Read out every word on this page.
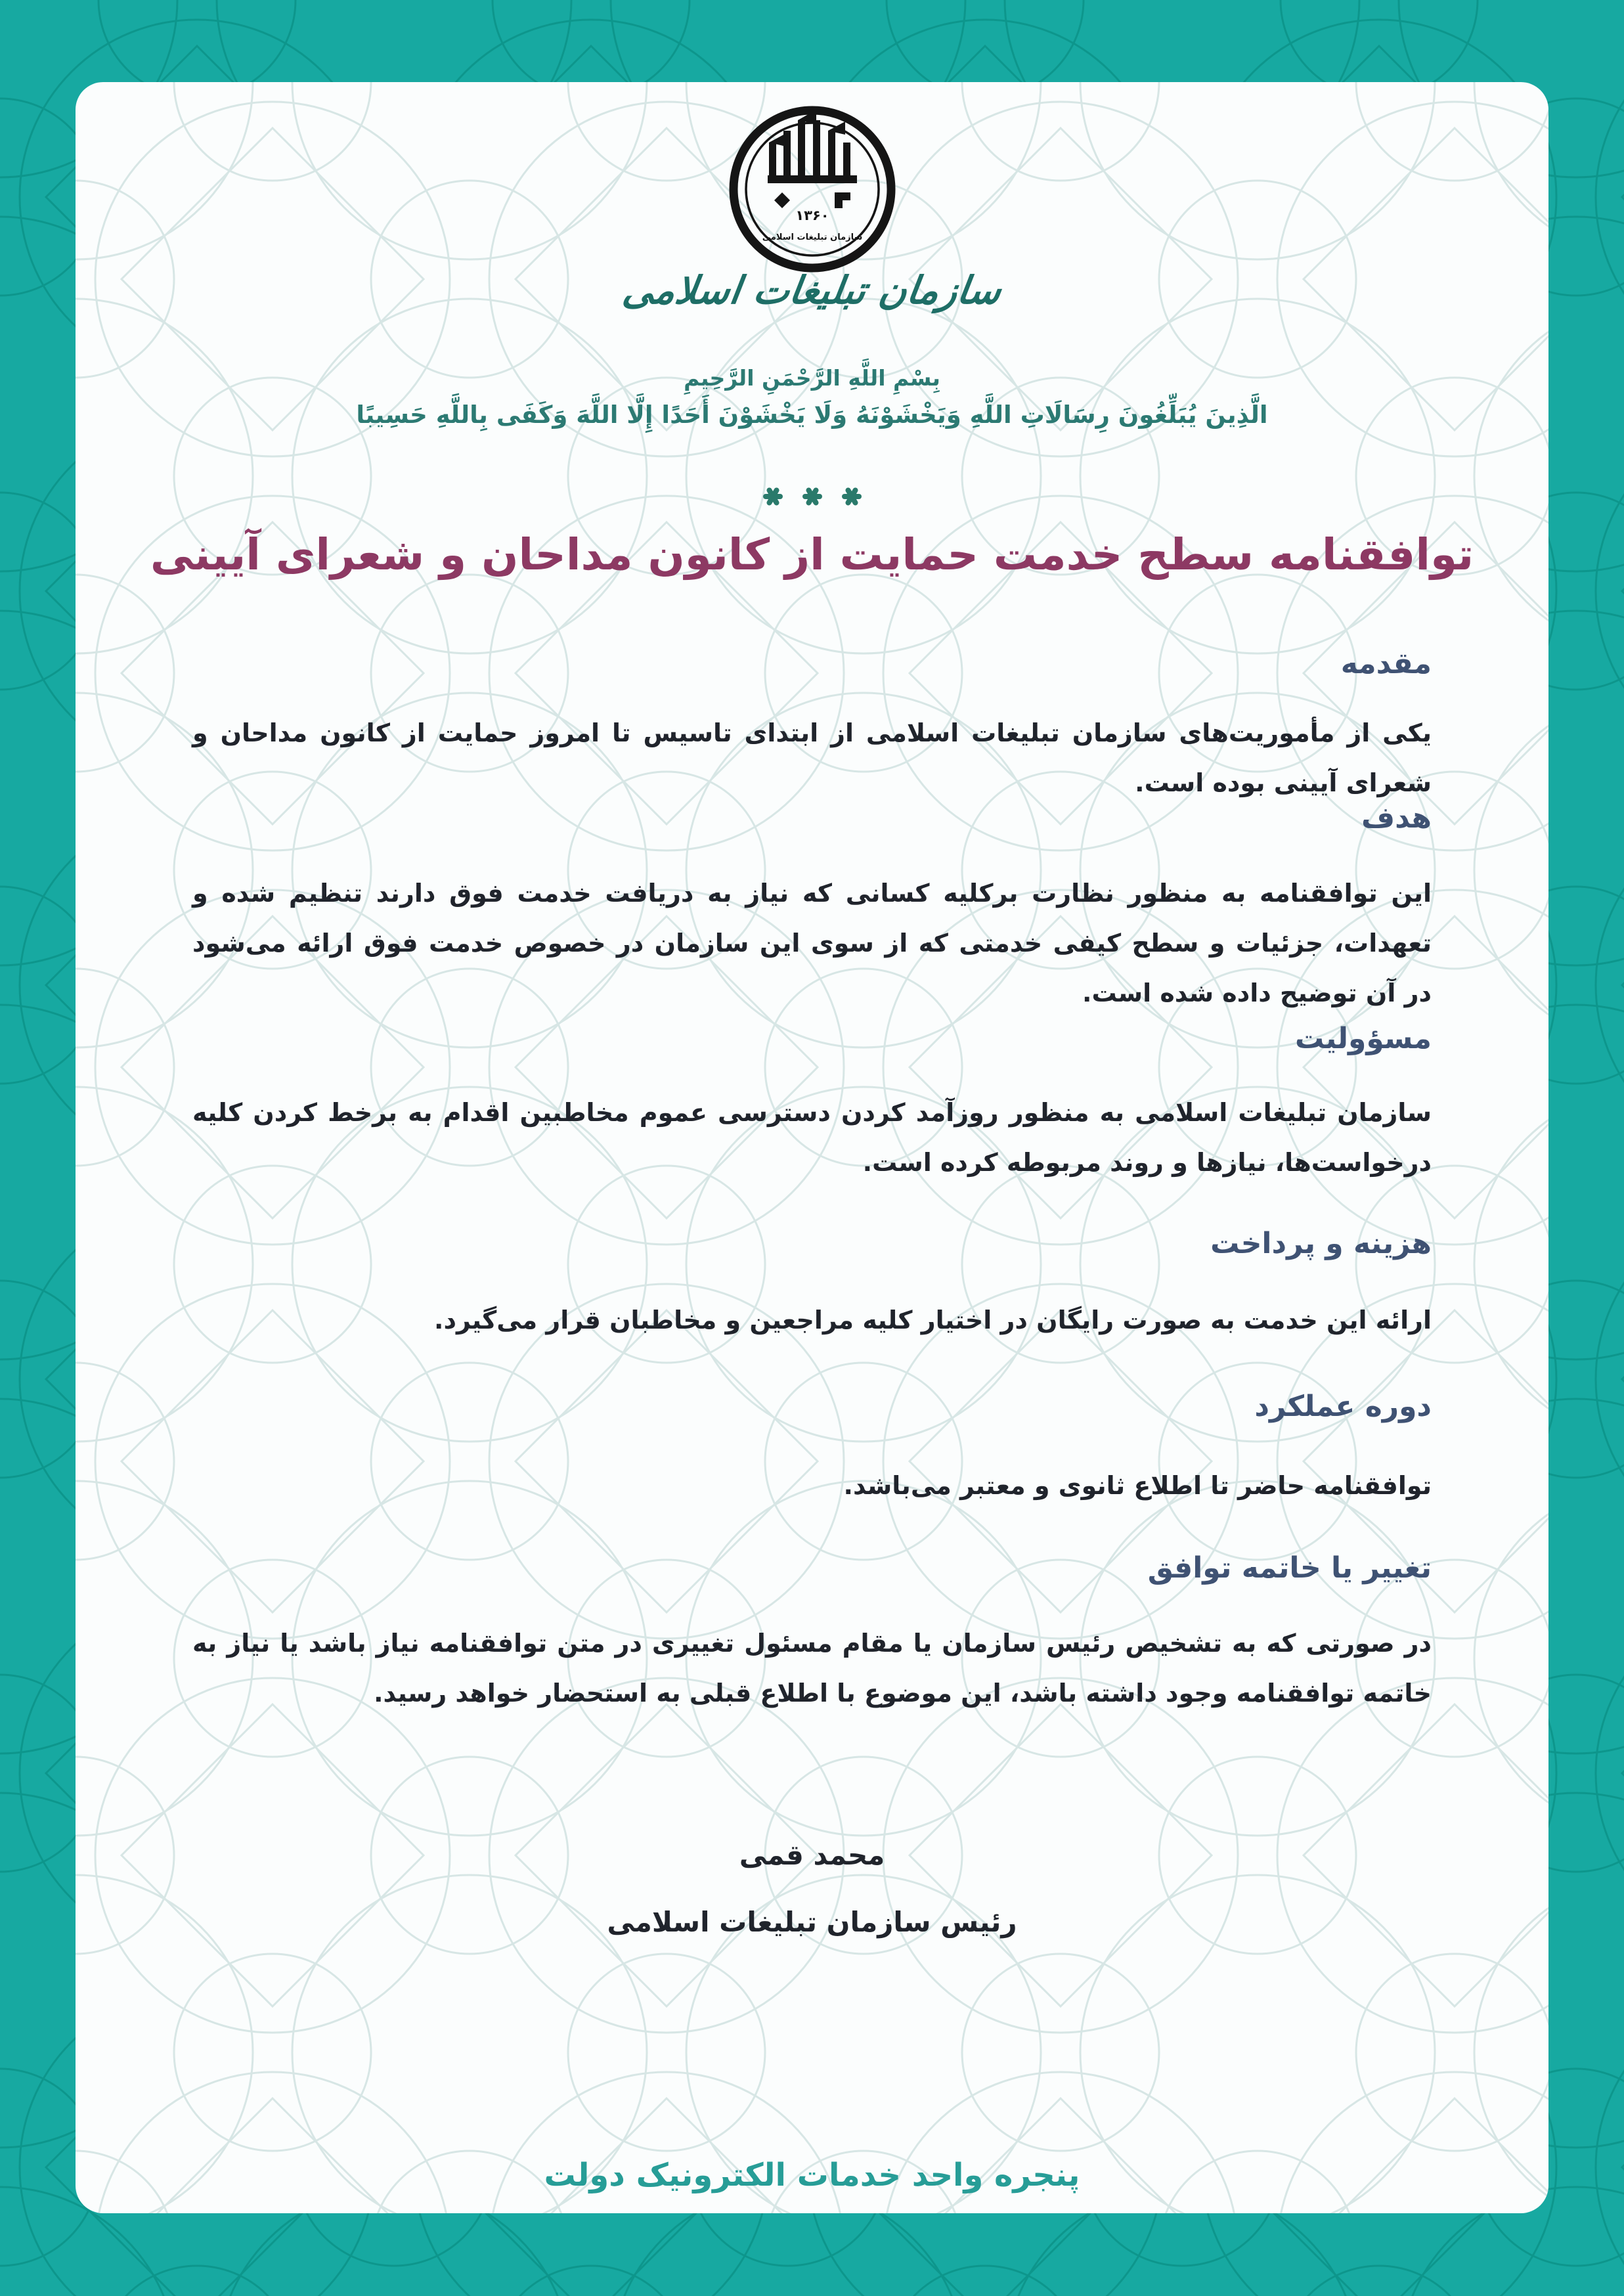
۱۳۶۰
سازمان تبلیغات اسلامی
سازمان تبلیغات اسلامی
بِسْمِ اللَّهِ الرَّحْمَنِ الرَّحِيمِ
الَّذِينَ يُبَلِّغُونَ رِسَالَاتِ اللَّهِ وَيَخْشَوْنَهُ وَلَا يَخْشَوْنَ أَحَدًا إِلَّا اللَّهَ وَكَفَى بِاللَّهِ حَسِيبًا
توافقنامه سطح خدمت حمایت از کانون مداحان و شعرای آیینی
مقدمه
یکی از مأموریت‌های سازمان تبلیغات اسلامی از ابتدای تاسیس تا امروز حمایت از کانون مداحان و شعرای آیینی بوده است.
هدف
این توافقنامه به منظور نظارت برکلیه کسانی که نیاز به دریافت خدمت فوق دارند تنظیم شده و تعهدات، جزئیات و سطح کیفی خدمتی که از سوی این سازمان در خصوص خدمت فوق ارائه می‌شود در آن توضیح داده شده است.
مسؤولیت
سازمان تبلیغات اسلامی به منظور روزآمد کردن دسترسی عموم مخاطبین اقدام به برخط کردن کلیه درخواست‌ها، نیازها و روند مربوطه کرده است.
هزینه و پرداخت
ارائه این خدمت به صورت رایگان در اختیار کلیه مراجعین و مخاطبان قرار می‌گیرد.
دوره عملکرد
توافقنامه حاضر تا اطلاع ثانوی و معتبر می‌باشد.
تغییر یا خاتمه توافق
در صورتی که به تشخیص رئیس سازمان یا مقام مسئول تغییری در متن توافقنامه نیاز باشد یا نیاز به خاتمه توافقنامه وجود داشته باشد، این موضوع با اطلاع قبلی به استحضار خواهد رسید.
محمد قمی
رئیس سازمان تبلیغات اسلامی
پنجره واحد خدمات الکترونیک دولت
